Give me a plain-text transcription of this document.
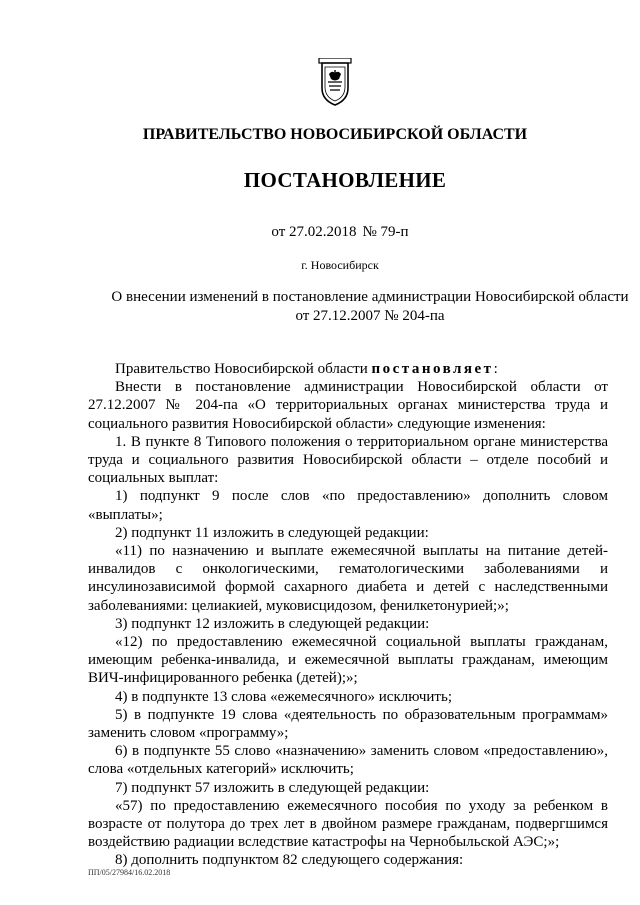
ПРАВИТЕЛЬСТВО НОВОСИБИРСКОЙ ОБЛАСТИ
ПОСТАНОВЛЕНИЕ
от 27.02.2018 № 79-п
г. Новосибирск
О внесении изменений в постановление администрации Новосибирской области
от 27.12.2007 № 204-па

Правительство Новосибирской области постановляет:

Внести в постановление администрации Новосибирской области от 27.12.2007 № 204-па «О территориальных органах министерства труда и социального развития Новосибирской области» следующие изменения:

1. В пункте 8 Типового положения о территориальном органе министерства труда и социального развития Новосибирской области – отделе пособий и социальных выплат:

1) подпункт 9 после слов «по предоставлению» дополнить словом «выплаты»;

2) подпункт 11 изложить в следующей редакции:

«11) по назначению и выплате ежемесячной выплаты на питание детей-инвалидов с онкологическими, гематологическими заболеваниями и инсулинозависимой формой сахарного диабета и детей с наследственными заболеваниями: целиакией, муковисцидозом, фенилкетонурией;»;

3) подпункт 12 изложить в следующей редакции:

«12) по предоставлению ежемесячной социальной выплаты гражданам, имеющим ребенка-инвалида, и ежемесячной выплаты гражданам, имеющим ВИЧ-инфицированного ребенка (детей);»;

4) в подпункте 13 слова «ежемесячного» исключить;

5) в подпункте 19 слова «деятельность по образовательным программам» заменить словом «программу»;

6) в подпункте 55 слово «назначению» заменить словом «предоставлению», слова «отдельных категорий» исключить;

7) подпункт 57 изложить в следующей редакции:

«57) по предоставлению ежемесячного пособия по уходу за ребенком в возрасте от полутора до трех лет в двойном размере гражданам, подвергшимся воздействию радиации вследствие катастрофы на Чернобыльской АЭС;»;

8) дополнить подпунктом 82 следующего содержания:

ПП/05/27984/16.02.2018
